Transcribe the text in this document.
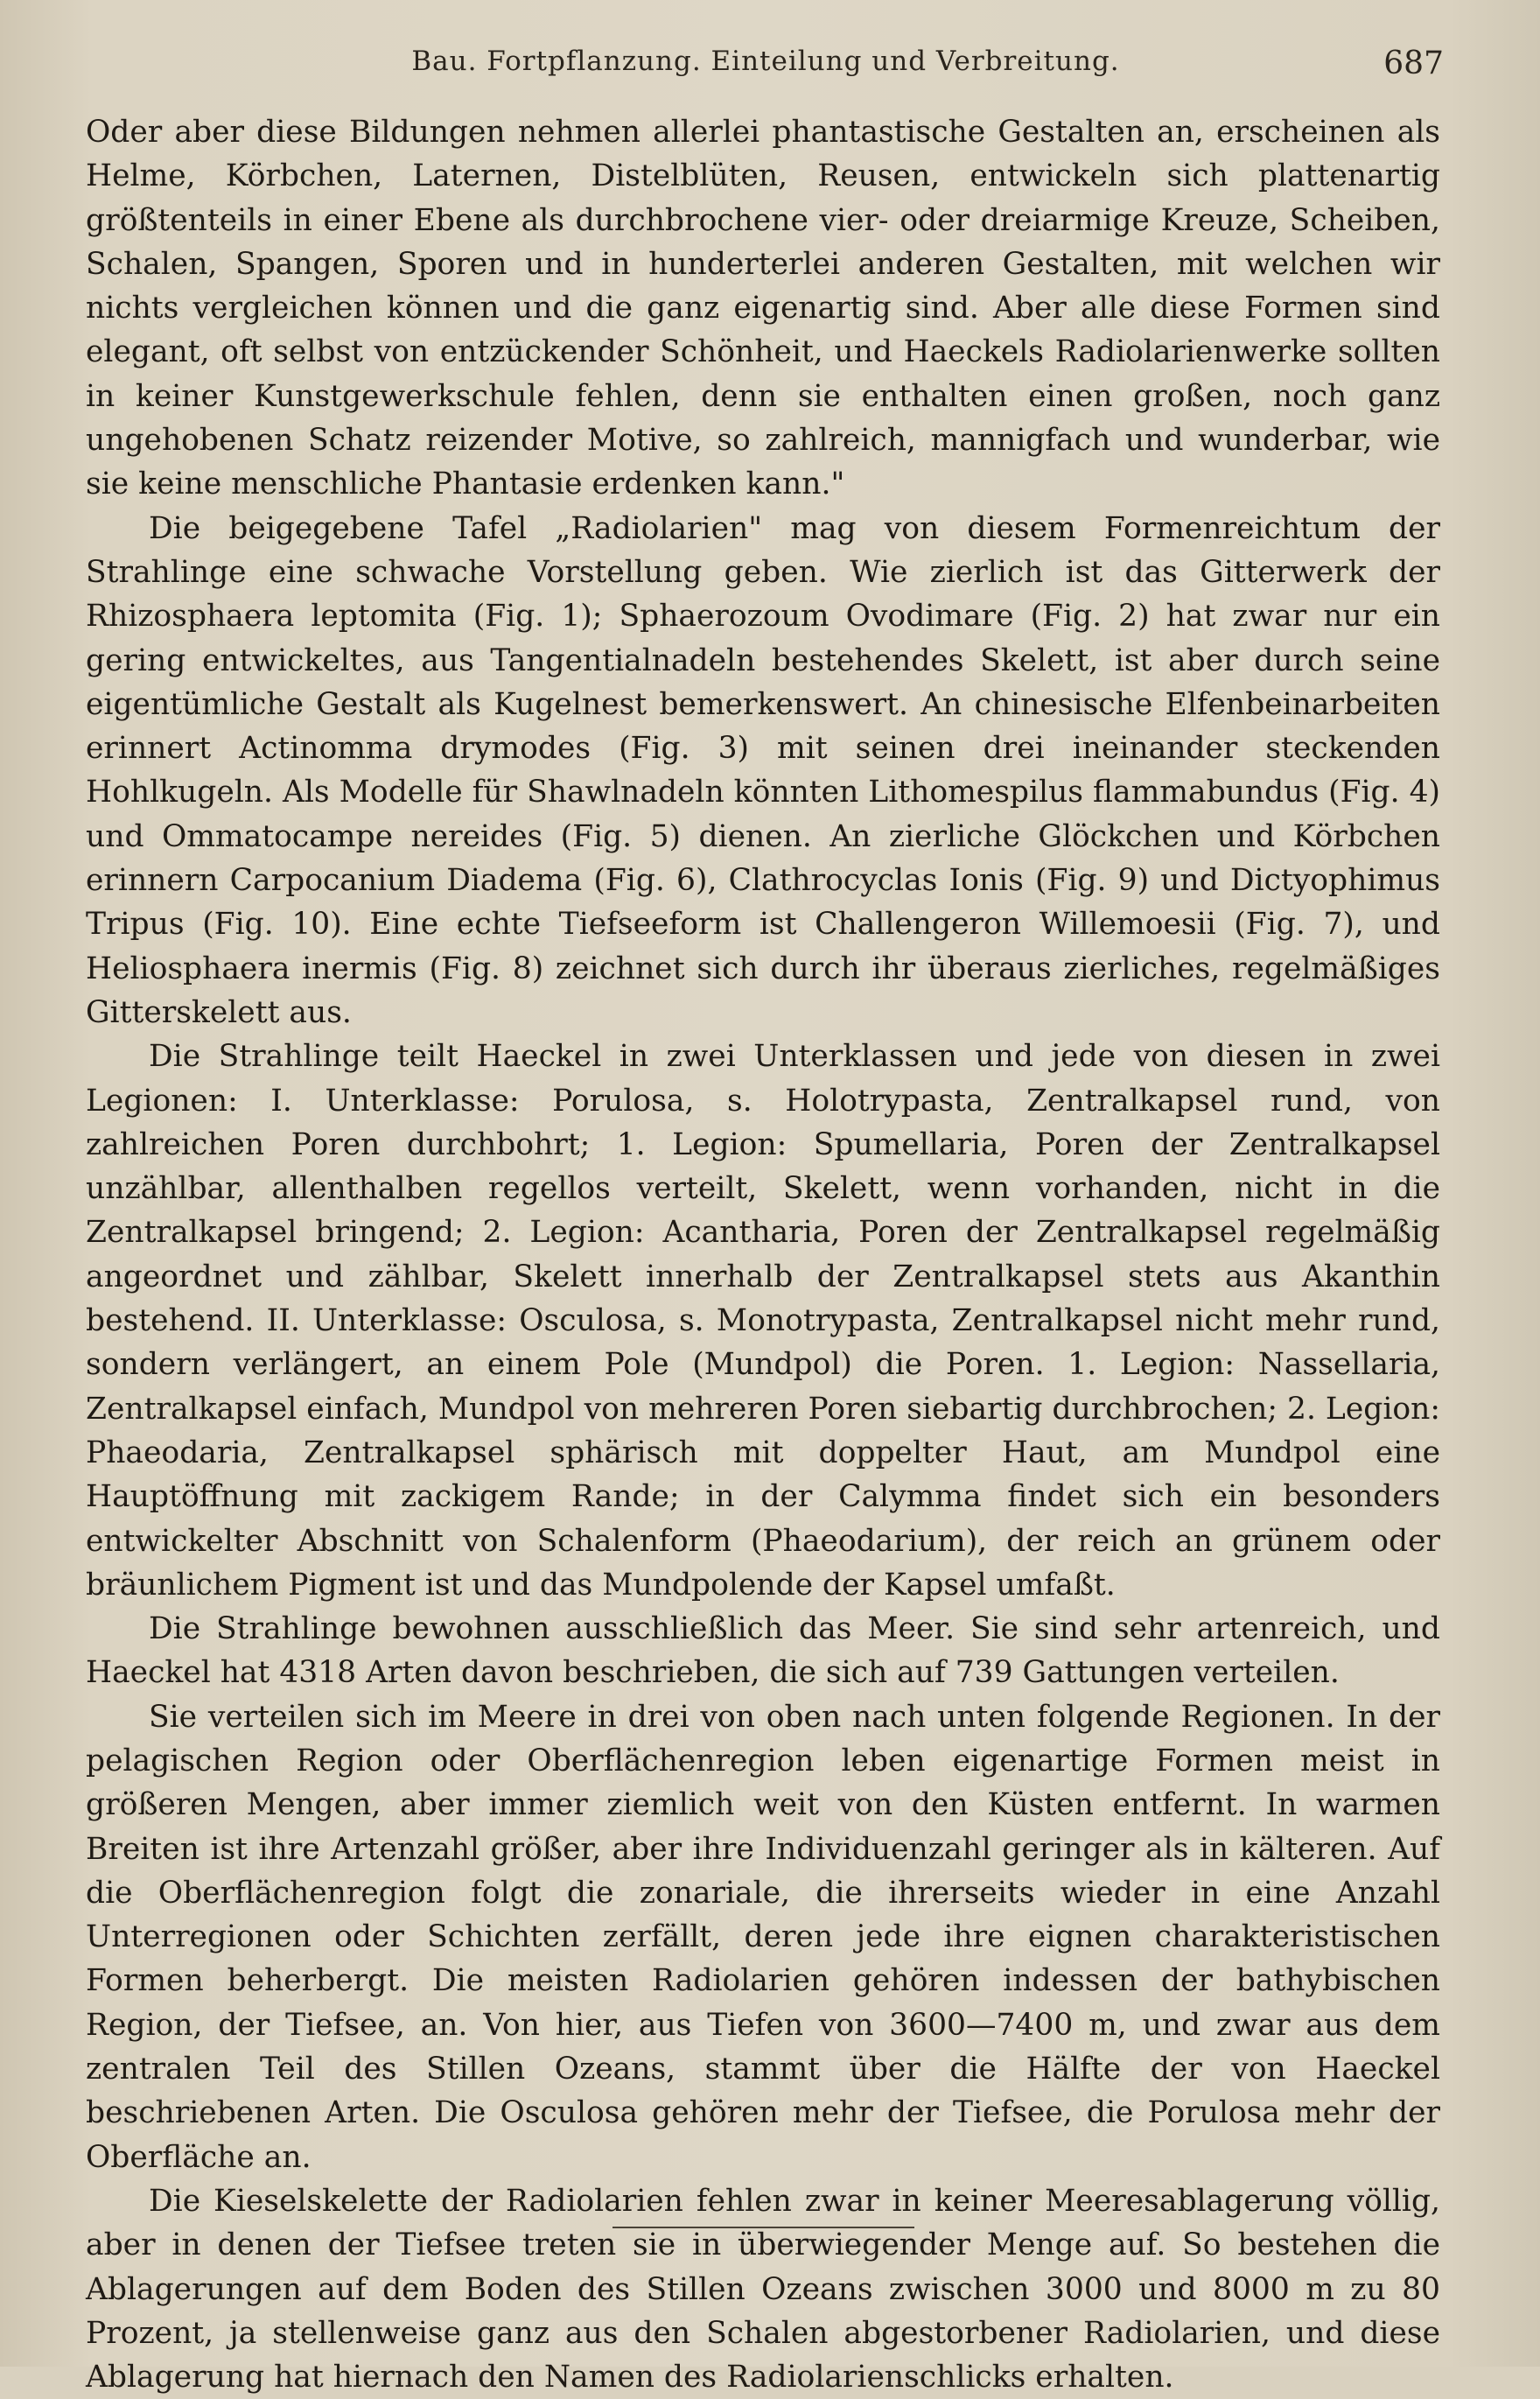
Bau. Fortpflanzung. Einteilung und Verbreitung.	687

Oder aber diese Bildungen nehmen allerlei phantastische Gestalten an, erscheinen als Helme, Körbchen, Laternen, Distelblüten, Reusen, entwickeln sich plattenartig größtenteils in einer Ebene als durchbrochene vier- oder dreiarmige Kreuze, Scheiben, Schalen, Spangen, Sporen und in hunderterlei anderen Gestalten, mit welchen wir nichts vergleichen können und die ganz eigenartig sind. Aber alle diese Formen sind elegant, oft selbst von entzückender Schönheit, und Haeckels Radiolarienwerke sollten in keiner Kunstgewerkschule fehlen, denn sie enthalten einen großen, noch ganz ungehobenen Schatz reizender Motive, so zahlreich, mannigfach und wunderbar, wie sie keine menschliche Phantasie erdenken kann."

Die beigegebene Tafel „Radiolarien" mag von diesem Formenreichtum der Strahlinge eine schwache Vorstellung geben. Wie zierlich ist das Gitterwerk der Rhizosphaera leptomita (Fig. 1); Sphaerozoum Ovodimare (Fig. 2) hat zwar nur ein gering entwickeltes, aus Tangentialnadeln bestehendes Skelett, ist aber durch seine eigentümliche Gestalt als Kugelnest bemerkenswert. An chinesische Elfenbeinarbeiten erinnert Actinomma drymodes (Fig. 3) mit seinen drei ineinander steckenden Hohlkugeln. Als Modelle für Shawlnadeln könnten Lithomespilus flammabundus (Fig. 4) und Ommatocampe nereides (Fig. 5) dienen. An zierliche Glöckchen und Körbchen erinnern Carpocanium Diadema (Fig. 6), Clathrocyclas Ionis (Fig. 9) und Dictyophimus Tripus (Fig. 10). Eine echte Tiefseeform ist Challengeron Willemoesii (Fig. 7), und Heliosphaera inermis (Fig. 8) zeichnet sich durch ihr überaus zierliches, regelmäßiges Gitterskelett aus.

Die Strahlinge teilt Haeckel in zwei Unterklassen und jede von diesen in zwei Legionen: I. Unterklasse: Porulosa, s. Holotrypasta, Zentralkapsel rund, von zahlreichen Poren durchbohrt; 1. Legion: Spumellaria, Poren der Zentralkapsel unzählbar, allenthalben regellos verteilt, Skelett, wenn vorhanden, nicht in die Zentralkapsel bringend; 2. Legion: Acantharia, Poren der Zentralkapsel regelmäßig angeordnet und zählbar, Skelett innerhalb der Zentralkapsel stets aus Akanthin bestehend. II. Unterklasse: Osculosa, s. Monotrypasta, Zentralkapsel nicht mehr rund, sondern verlängert, an einem Pole (Mundpol) die Poren. 1. Legion: Nassellaria, Zentralkapsel einfach, Mundpol von mehreren Poren siebartig durchbrochen; 2. Legion: Phaeodaria, Zentralkapsel sphärisch mit doppelter Haut, am Mundpol eine Hauptöffnung mit zackigem Rande; in der Calymma findet sich ein besonders entwickelter Abschnitt von Schalenform (Phaeodarium), der reich an grünem oder bräunlichem Pigment ist und das Mundpolende der Kapsel umfaßt.

Die Strahlinge bewohnen ausschließlich das Meer. Sie sind sehr artenreich, und Haeckel hat 4318 Arten davon beschrieben, die sich auf 739 Gattungen verteilen.

Sie verteilen sich im Meere in drei von oben nach unten folgende Regionen. In der pelagischen Region oder Oberflächenregion leben eigenartige Formen meist in größeren Mengen, aber immer ziemlich weit von den Küsten entfernt. In warmen Breiten ist ihre Artenzahl größer, aber ihre Individuenzahl geringer als in kälteren. Auf die Oberflächenregion folgt die zonariale, die ihrerseits wieder in eine Anzahl Unterregionen oder Schichten zerfällt, deren jede ihre eignen charakteristischen Formen beherbergt. Die meisten Radiolarien gehören indessen der bathybischen Region, der Tiefsee, an. Von hier, aus Tiefen von 3600—7400 m, und zwar aus dem zentralen Teil des Stillen Ozeans, stammt über die Hälfte der von Haeckel beschriebenen Arten. Die Osculosa gehören mehr der Tiefsee, die Porulosa mehr der Oberfläche an.

Die Kieselskelette der Radiolarien fehlen zwar in keiner Meeresablagerung völlig, aber in denen der Tiefsee treten sie in überwiegender Menge auf. So bestehen die Ablagerungen auf dem Boden des Stillen Ozeans zwischen 3000 und 8000 m zu 80 Prozent, ja stellenweise ganz aus den Schalen abgestorbener Radiolarien, und diese Ablagerung hat hiernach den Namen des Radiolarienschlicks erhalten.
